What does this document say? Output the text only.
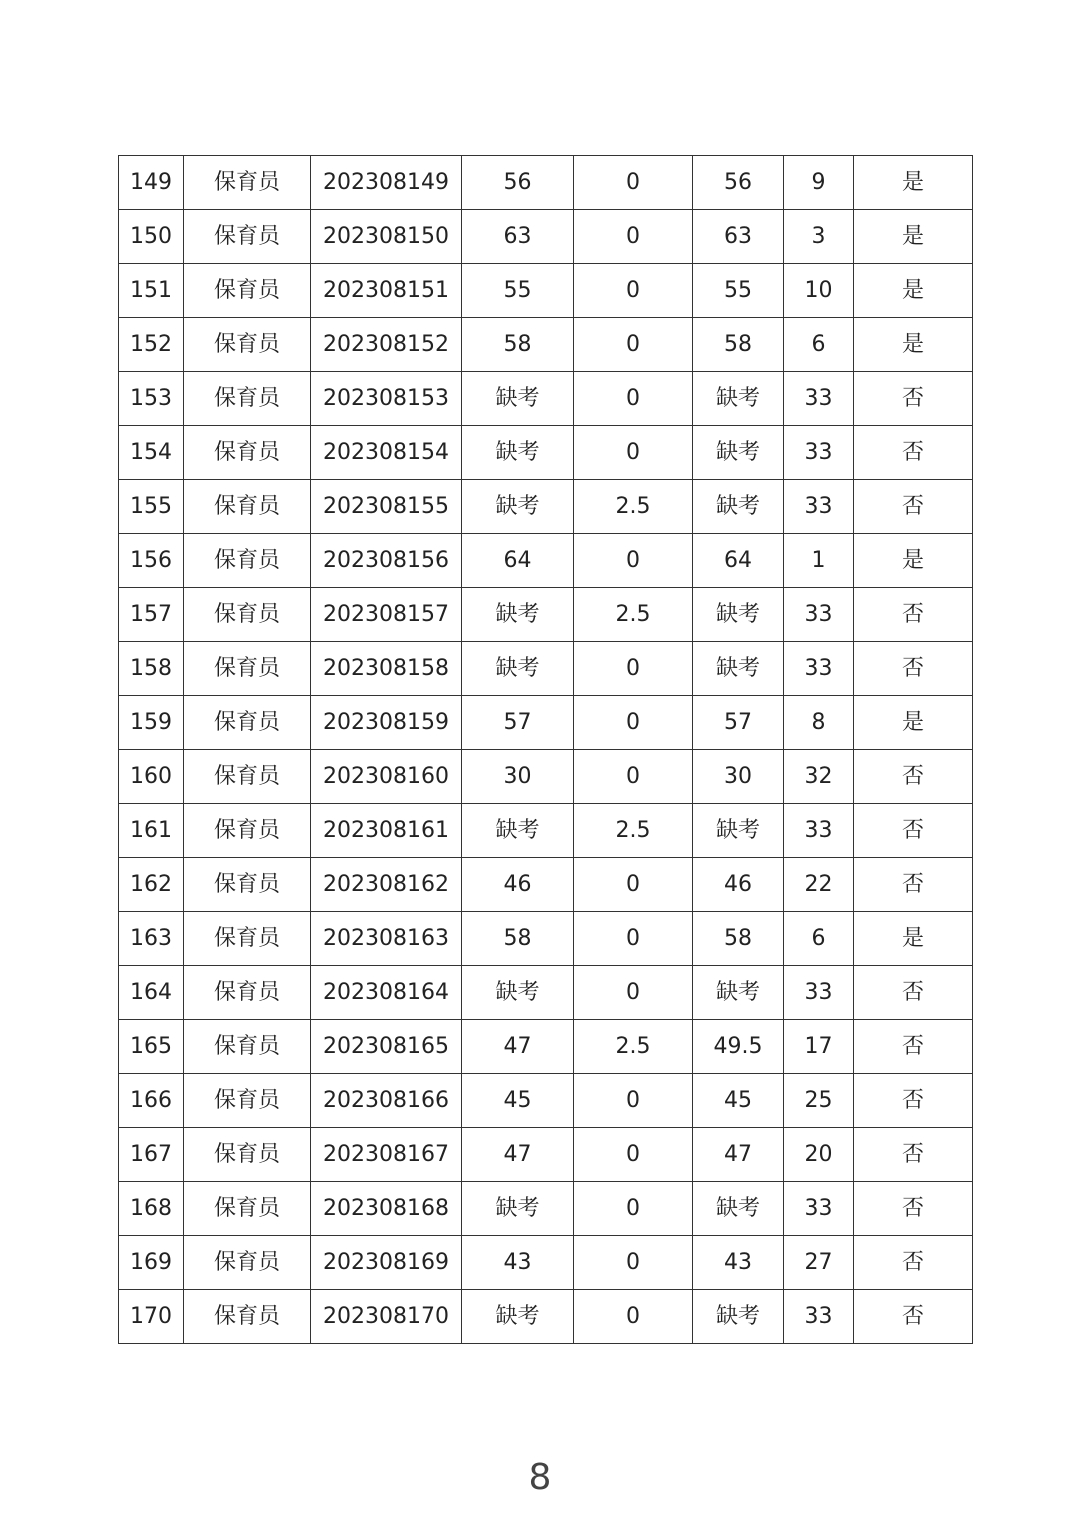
149	保育员	202308149	56	0	56	9	是
150	保育员	202308150	63	0	63	3	是
151	保育员	202308151	55	0	55	10	是
152	保育员	202308152	58	0	58	6	是
153	保育员	202308153	缺考	0	缺考	33	否
154	保育员	202308154	缺考	0	缺考	33	否
155	保育员	202308155	缺考	2.5	缺考	33	否
156	保育员	202308156	64	0	64	1	是
157	保育员	202308157	缺考	2.5	缺考	33	否
158	保育员	202308158	缺考	0	缺考	33	否
159	保育员	202308159	57	0	57	8	是
160	保育员	202308160	30	0	30	32	否
161	保育员	202308161	缺考	2.5	缺考	33	否
162	保育员	202308162	46	0	46	22	否
163	保育员	202308163	58	0	58	6	是
164	保育员	202308164	缺考	0	缺考	33	否
165	保育员	202308165	47	2.5	49.5	17	否
166	保育员	202308166	45	0	45	25	否
167	保育员	202308167	47	0	47	20	否
168	保育员	202308168	缺考	0	缺考	33	否
169	保育员	202308169	43	0	43	27	否
170	保育员	202308170	缺考	0	缺考	33	否
8
